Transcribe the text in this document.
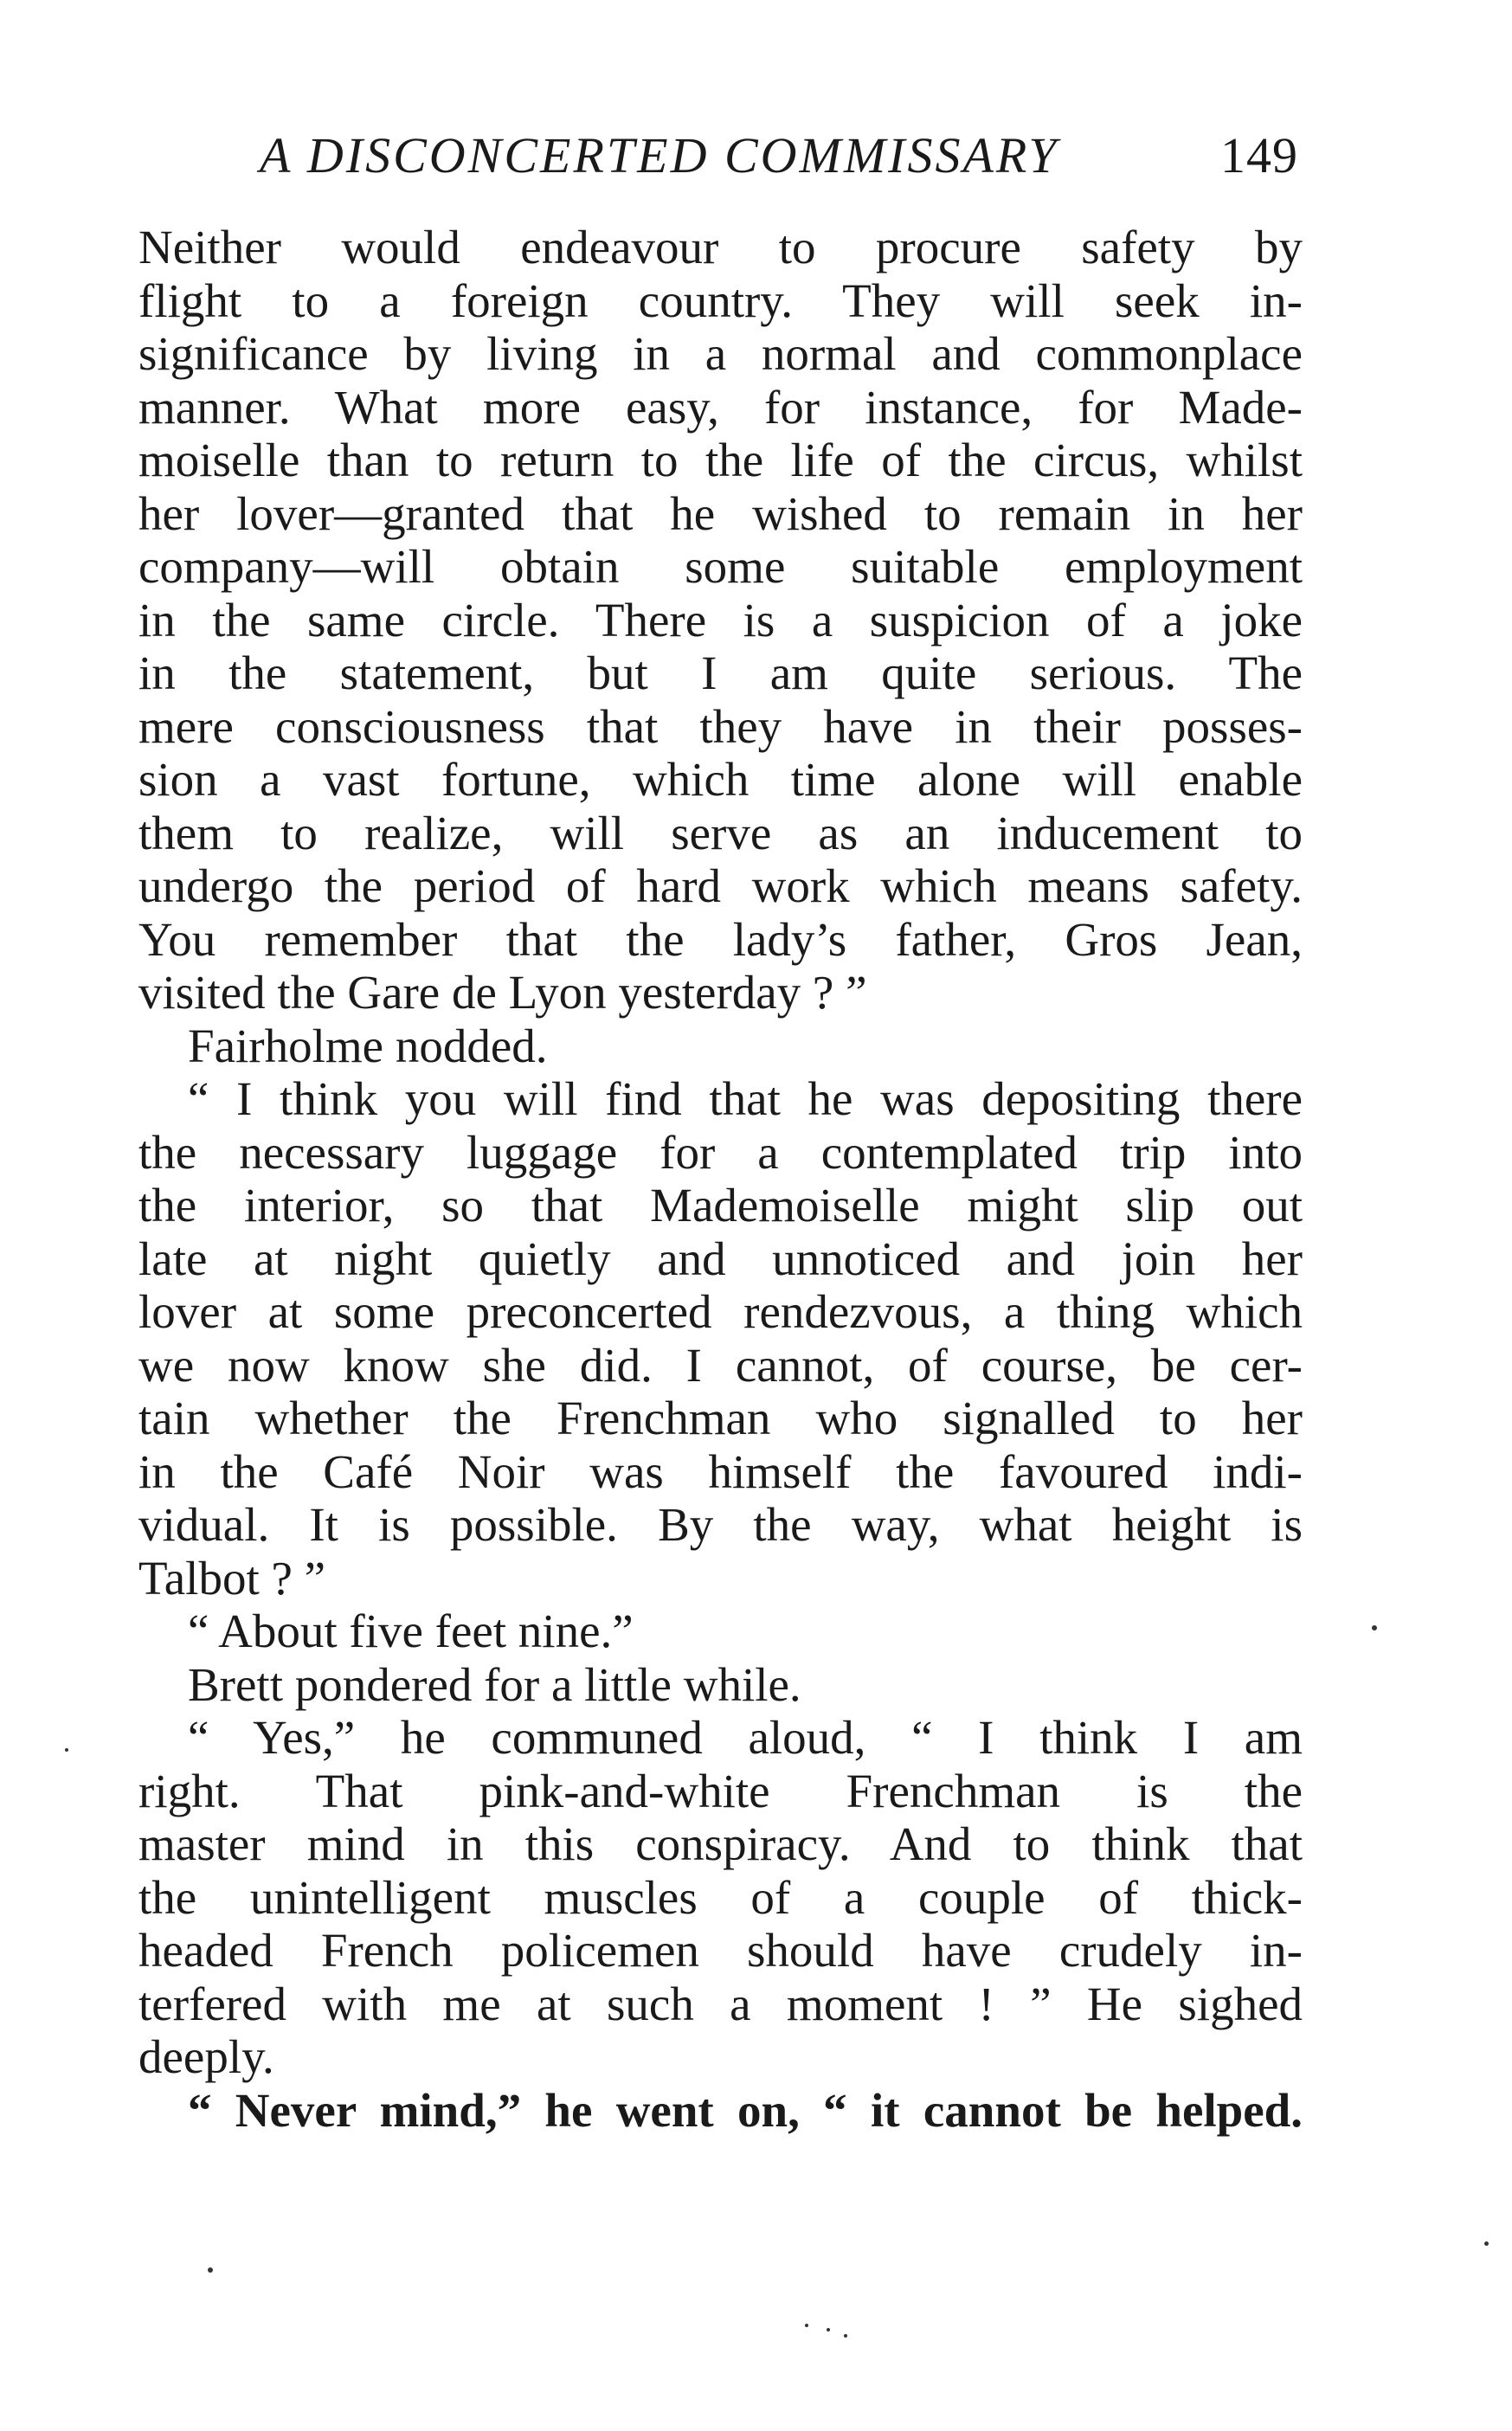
A DISCONCERTED COMMISSARY	149
Neither would endeavour to procure safety by
flight to a foreign country. They will seek in-
significance by living in a normal and commonplace
manner. What more easy, for instance, for Made-
moiselle than to return to the life of the circus, whilst
her lover—granted that he wished to remain in her
company—will obtain some suitable employment
in the same circle. There is a suspicion of a joke
in the statement, but I am quite serious. The
mere consciousness that they have in their posses-
sion a vast fortune, which time alone will enable
them to realize, will serve as an inducement to
undergo the period of hard work which means safety.
You remember that the lady’s father, Gros Jean,
visited the Gare de Lyon yesterday ? ”
Fairholme nodded.
“ I think you will find that he was depositing there
the necessary luggage for a contemplated trip into
the interior, so that Mademoiselle might slip out
late at night quietly and unnoticed and join her
lover at some preconcerted rendezvous, a thing which
we now know she did. I cannot, of course, be cer-
tain whether the Frenchman who signalled to her
in the Café Noir was himself the favoured indi-
vidual. It is possible. By the way, what height is
Talbot ? ”
“ About five feet nine.”
Brett pondered for a little while.
“ Yes,” he communed aloud, “ I think I am
right. That pink-and-white Frenchman is the
master mind in this conspiracy. And to think that
the unintelligent muscles of a couple of thick-
headed French policemen should have crudely in-
terfered with me at such a moment ! ” He sighed
deeply.
“ Never mind,” he went on, “ it cannot be helped.
